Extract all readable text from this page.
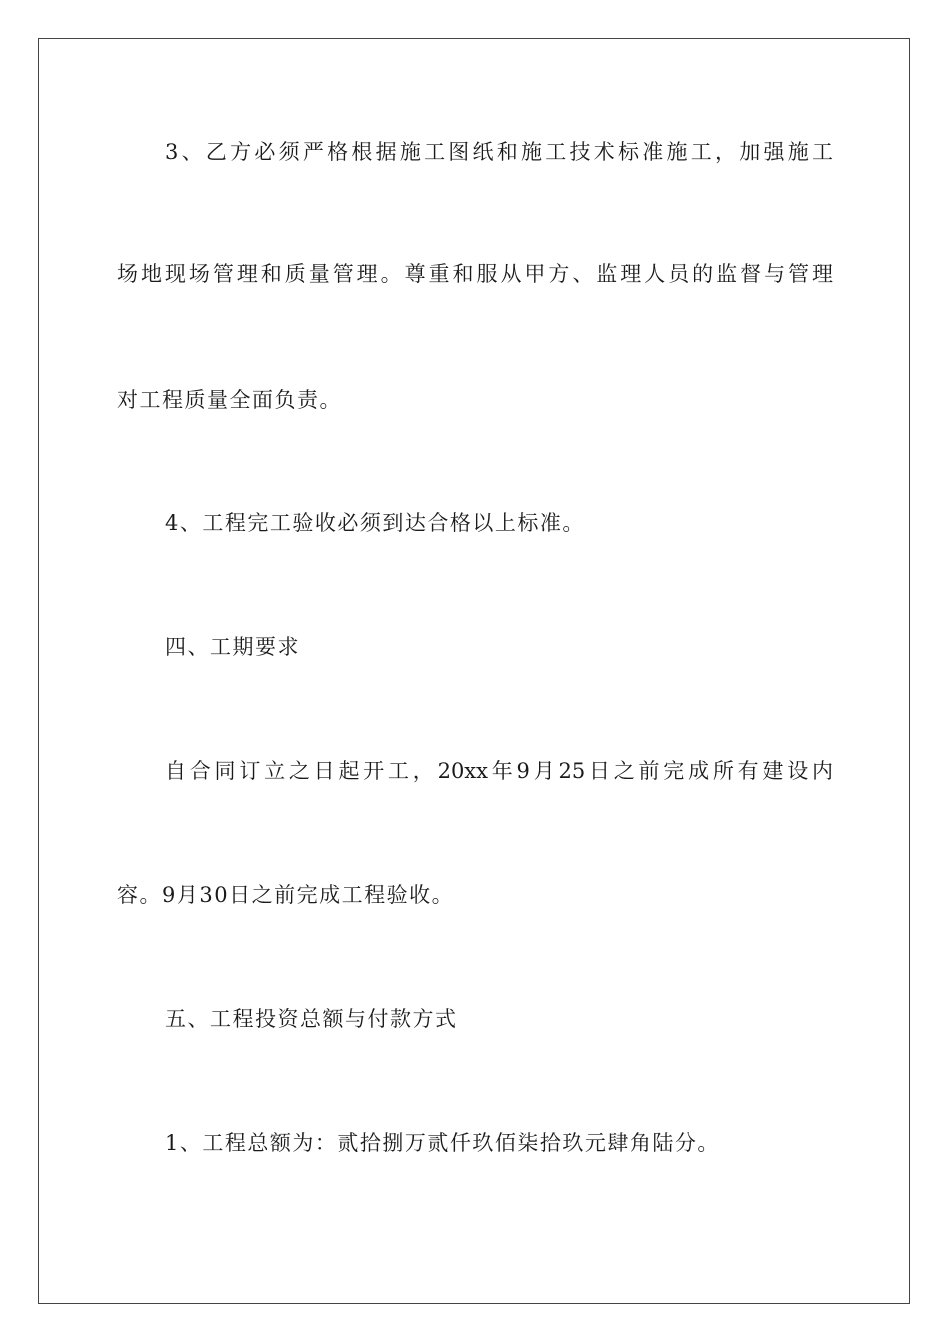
3、乙方必须严格根据施工图纸和施工技术标准施工，加强施工
场地现场管理和质量管理。尊重和服从甲方、监理人员的监督与管理
对工程质量全面负责。
4、工程完工验收必须到达合格以上标准。
四、工期要求
自合同订立之日起开工，20xx年9月25日之前完成所有建设内
容。9月30日之前完成工程验收。
五、工程投资总额与付款方式
1、工程总额为：贰拾捌万贰仟玖佰柒拾玖元肆角陆分。
